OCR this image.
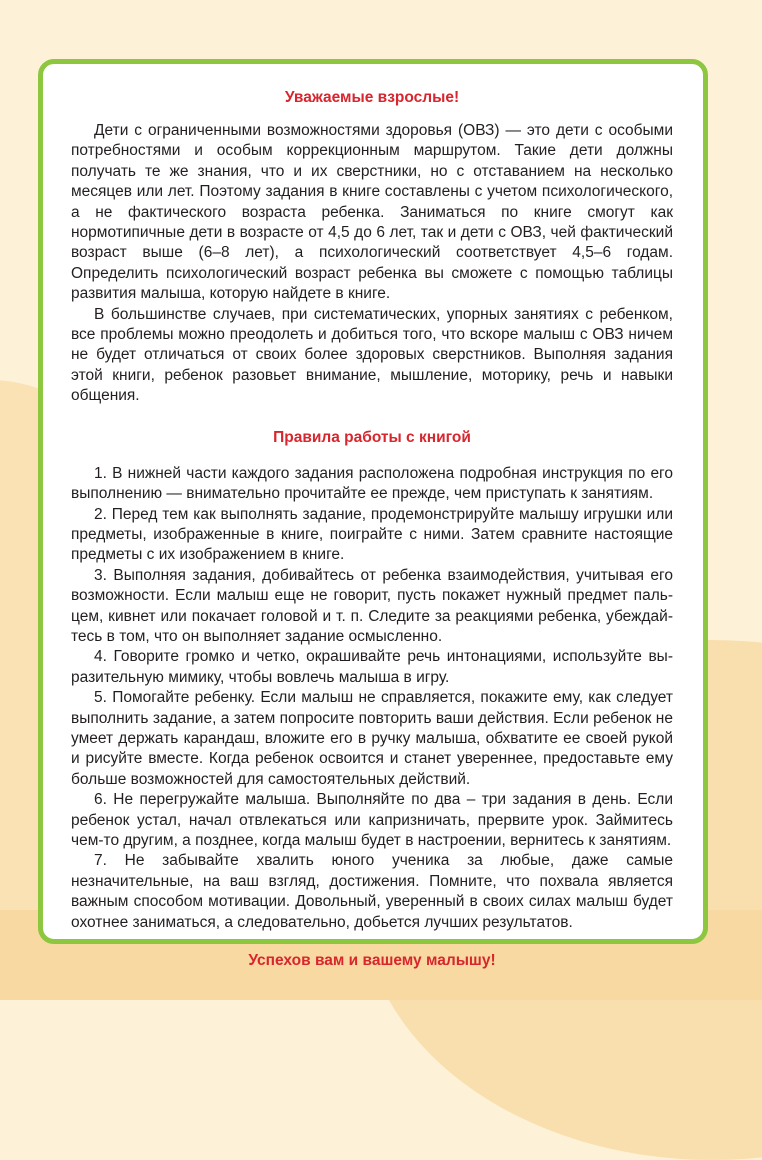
Уважаемые взрослые!

Дети с ограниченными возможностями здоровья (ОВЗ) — это дети с особыми потребностями и особым коррекционным маршрутом. Такие дети должны получать те же знания, что и их сверстники, но с отставанием на несколько месяцев или лет. Поэтому задания в книге составлены с учетом психологического, а не фактического возраста ребенка. Заниматься по книге смогут как нормотипичные дети в возрасте от 4,5 до 6 лет, так и дети с ОВЗ, чей фактический возраст выше (6–8 лет), а психологический соответствует 4,5–6 годам. Определить психологический возраст ребенка вы сможете с помощью таблицы развития малыша, которую найдете в книге.

В большинстве случаев, при систематических, упорных занятиях с ребенком, все проблемы можно преодолеть и добиться того, что вскоре малыш с ОВЗ ничем не будет отличаться от своих более здоровых сверстников. Выполняя задания этой книги, ребенок разовьет внимание, мышление, моторику, речь и навыки общения.

Правила работы с книгой

1. В нижней части каждого задания расположена подробная инструкция по его выполнению — внимательно прочитайте ее прежде, чем приступать к занятиям.

2. Перед тем как выполнять задание, продемонстрируйте малышу игрушки или предметы, изображенные в книге, поиграйте с ними. Затем сравните настоящие предметы с их изображением в книге.

3. Выполняя задания, добивайтесь от ребенка взаимодействия, учитывая его возможности. Если малыш еще не говорит, пусть покажет нужный предмет пальцем, кивнет или покачает головой и т. п. Следите за реакциями ребенка, убеждайтесь в том, что он выполняет задание осмысленно.

4. Говорите громко и четко, окрашивайте речь интонациями, используйте выразительную мимику, чтобы вовлечь малыша в игру.

5. Помогайте ребенку. Если малыш не справляется, покажите ему, как следует выполнить задание, а затем попросите повторить ваши действия. Если ребенок не умеет держать карандаш, вложите его в ручку малыша, обхватите ее своей рукой и рисуйте вместе. Когда ребенок освоится и станет увереннее, предоставьте ему больше возможностей для самостоятельных действий.

6. Не перегружайте малыша. Выполняйте по два – три задания в день. Если ребенок устал, начал отвлекаться или капризничать, прервите урок. Займитесь чем-то другим, а позднее, когда малыш будет в настроении, вернитесь к занятиям.

7. Не забывайте хвалить юного ученика за любые, даже самые незначительные, на ваш взгляд, достижения. Помните, что похвала является важным способом мотивации. Довольный, уверенный в своих силах малыш будет охотнее заниматься, а следовательно, добьется лучших результатов.

Успехов вам и вашему малышу!
